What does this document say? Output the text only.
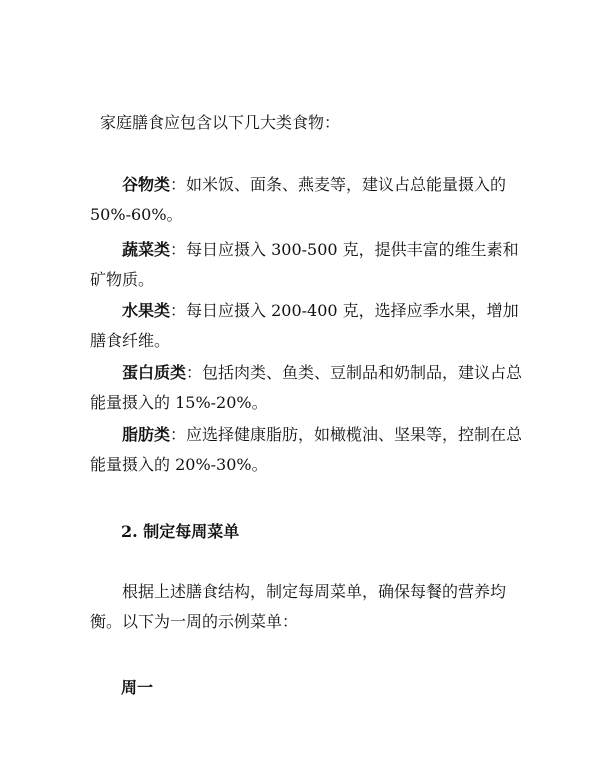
家庭膳食应包含以下几大类食物：

谷物类：如米饭、面条、燕麦等，建议占总能量摄入的50%-60%。

蔬菜类：每日应摄入 300-500 克，提供丰富的维生素和矿物质。

水果类：每日应摄入 200-400 克，选择应季水果，增加膳食纤维。

蛋白质类：包括肉类、鱼类、豆制品和奶制品，建议占总能量摄入的 15%-20%。

脂肪类：应选择健康脂肪，如橄榄油、坚果等，控制在总能量摄入的 20%-30%。

2. 制定每周菜单

根据上述膳食结构，制定每周菜单，确保每餐的营养均衡。以下为一周的示例菜单：

周一
